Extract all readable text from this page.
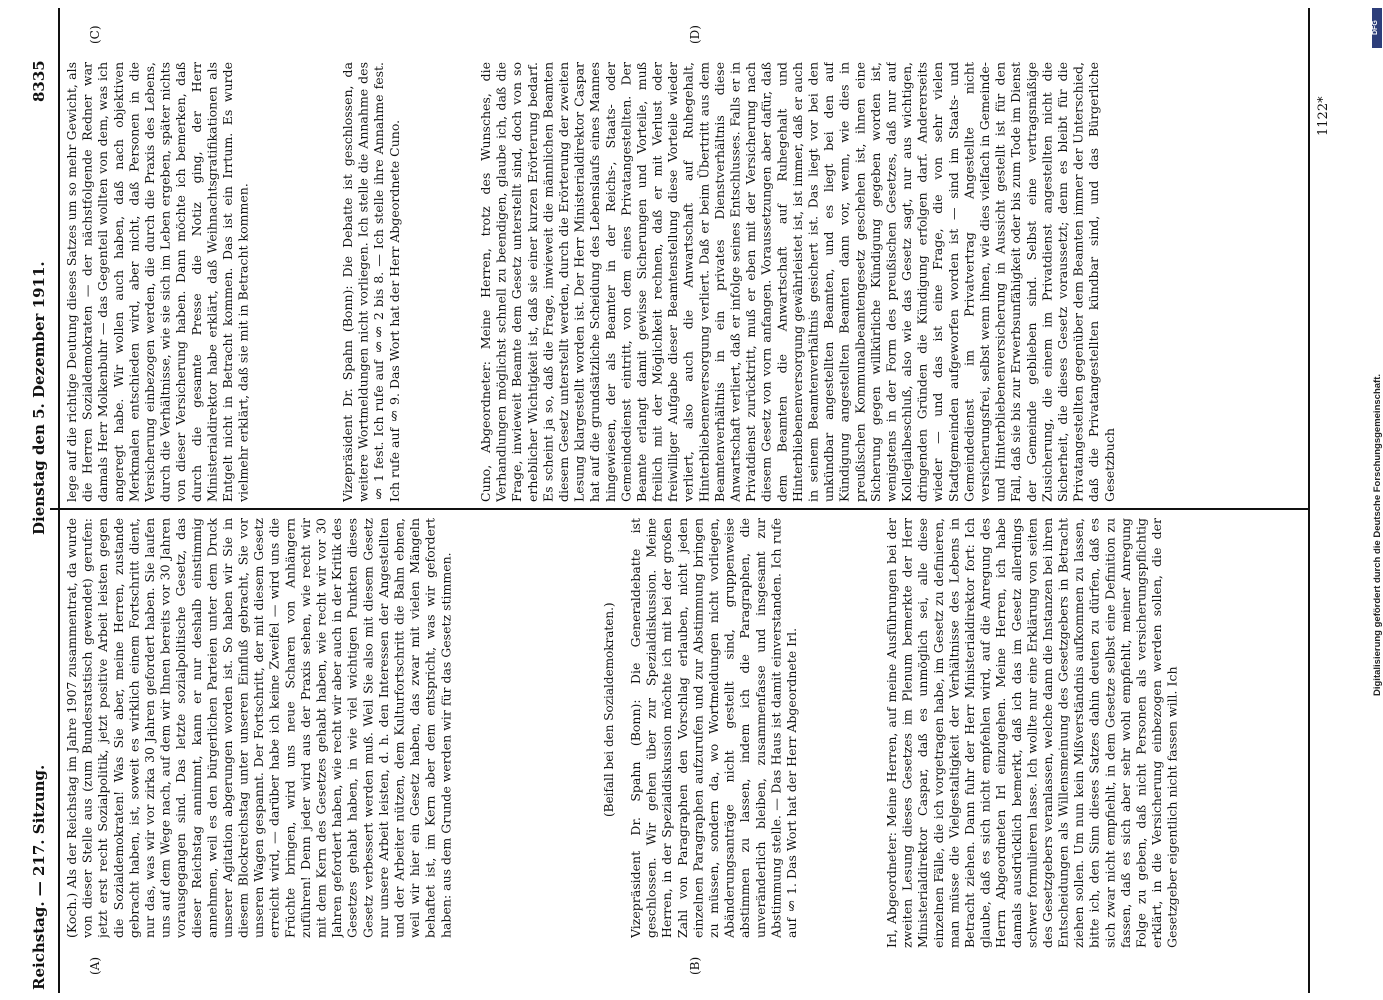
Reichstag. — 217. Sitzung.
Dienstag den 5. Dezember 1911.
8335
(A)	(B)
(C)	(D)
(Koch.) Als der Reichstag im Jahre 1907 zusammentrat, da wurde von dieser Stelle aus (zum Bundesratstisch gewendet) gerufen: jetzt erst recht Sozialpolitik, jetzt positive Arbeit leisten gegen die Sozialdemokraten! Was Sie aber, meine Herren, zustande gebracht haben, ist, soweit es wirklich einem Fortschritt dient, nur das, was wir vor zirka 30 Jahren gefordert haben. Sie laufen uns auf dem Wege nach, auf dem wir Ihnen bereits vor 30 Jahren vorausgegangen sind. Das letzte sozialpolitische Gesetz, das dieser Reichstag annimmt, kann er nur deshalb einstimmig annehmen, weil es den bürgerlichen Parteien unter dem Druck unserer Agitation abgerungen worden ist. So haben wir Sie in diesem Blockreichstag unter unseren Einfluß gebracht, Sie vor unseren Wagen gespannt. Der Fortschritt, der mit diesem Gesetz erreicht wird, — darüber habe ich keine Zweifel — wird uns die Früchte bringen, wird uns neue Scharen von Anhängern zuführen! Denn jeder wird aus der Praxis sehen, wie recht wir mit dem Kern des Gesetzes gehabt haben, wie recht wir vor 30 Jahren gefordert haben, wie recht wir aber auch in der Kritik des Gesetzes gehabt haben, in wie viel wichtigen Punkten dieses Gesetz verbessert werden muß. Weil Sie also mit diesem Gesetz nur unsere Arbeit leisten, d. h. den Interessen der Angestellten und der Arbeiter nützen, dem Kulturfortschritt die Bahn ebnen, weil wir hier ein Gesetz haben, das zwar mit vielen Mängeln behaftet ist, im Kern aber dem entspricht, was wir gefordert haben: aus dem Grunde werden wir für das Gesetz stimmen.	(Beifall bei den Sozialdemokraten.) Vizepräsident Dr. Spahn (Bonn): Die Generaldebatte ist geschlossen. Wir gehen über zur Spezialdiskussion. Meine Herren, in der Spezialdiskussion möchte ich mit bei der großen Zahl von Paragraphen den Vorschlag erlauben, nicht jeden einzelnen Paragraphen aufzurufen und zur Abstimmung bringen zu müssen, sondern da, wo Wortmeldungen nicht vorliegen, Abänderungsanträge nicht gestellt sind, gruppenweise abstimmen zu lassen, indem ich die Paragraphen, die unveränderlich bleiben, zusammenfasse und insgesamt zur Abstimmung stelle. — Das Haus ist damit einverstanden. Ich rufe auf § 1. Das Wort hat der Herr Abgeordnete Irl.	Irl, Abgeordneter: Meine Herren, auf meine Ausführungen bei der zweiten Lesung dieses Gesetzes im Plenum bemerkte der Herr Ministerialdirektor Caspar, daß es unmöglich sei, alle diese einzelnen Fälle, die ich vorgetragen habe, im Gesetz zu definieren, man müsse die Vielgestaltigkeit der Verhältnisse des Lebens in Betracht ziehen. Dann fuhr der Herr Ministerialdirektor fort: Ich glaube, daß es sich nicht empfehlen wird, auf die Anregung des Herrn Abgeordneten Irl einzugehen. Meine Herren, ich habe damals ausdrücklich bemerkt, daß ich das im Gesetz allerdings schwer formulieren lasse. Ich wollte nur eine Erklärung von seiten des Gesetzgebers veranlassen, welche dann die Instanzen bei ihren Entscheidungen als Willensmeinung des Gesetzgebers in Betracht ziehen sollen. Um nun kein Mißverständnis aufkommen zu lassen, bitte ich, den Sinn dieses Satzes dahin deuten zu dürfen, daß es sich zwar nicht empfiehlt, in dem Gesetze selbst eine Definition zu fassen, daß es sich aber sehr wohl empfiehlt, meiner Anregung Folge zu geben, daß nicht Personen als versicherungspflichtig erklärt, in die Versicherung einbezogen werden sollen, die der Gesetzgeber eigentlich nicht fassen will. Ich
lege auf die richtige Deutung dieses Satzes um so mehr Gewicht, als die Herren Sozialdemokraten — der nächstfolgende Redner war damals Herr Molkenbuhr — das Gegenteil wollten von dem, was ich angeregt habe. Wir wollen auch haben, daß nach objektiven Merkmalen entschieden wird, aber nicht, daß Personen in die Versicherung einbezogen werden, die durch die Praxis des Lebens, durch die Verhältnisse, wie sie sich im Leben ergeben, später nichts von dieser Versicherung haben. Dann möchte ich bemerken, daß durch die gesamte Presse die Notiz ging, der Herr Ministerialdirektor habe erklärt, daß Weihnachtsgratifikationen als Entgelt nicht in Betracht kommen. Das ist ein Irrtum. Es wurde vielmehr erklärt, daß sie mit in Betracht kommen.	Vizepräsident Dr. Spahn (Bonn): Die Debatte ist geschlossen, da weitere Wortmeldungen nicht vorliegen. Ich stelle die Annahme des § 1 fest. Ich rufe auf §§ 2 bis 8. — Ich stelle ihre Annahme fest. Ich rufe auf § 9. Das Wort hat der Herr Abgeordnete Cuno.	Cuno, Abgeordneter: Meine Herren, trotz des Wunsches, die Verhandlungen möglichst schnell zu beendigen, glaube ich, daß die Frage, inwieweit Beamte dem Gesetz unterstellt sind, doch von so erheblicher Wichtigkeit ist, daß sie einer kurzen Erörterung bedarf. Es scheint ja so, daß die Frage, inwieweit die männlichen Beamten diesem Gesetz unterstellt werden, durch die Erörterung der zweiten Lesung klargestellt worden ist. Der Herr Ministerialdirektor Caspar hat auf die grundsätzliche Scheidung des Lebenslaufs eines Mannes hingewiesen, der als Beamter in der Reichs-, Staats- oder Gemeindedienst eintritt, von dem eines Privatangestellten. Der Beamte erlangt damit gewisse Sicherungen und Vorteile, muß freilich mit der Möglichkeit rechnen, daß er mit Verlust oder freiwilliger Aufgabe dieser Beamtenstellung diese Vorteile wieder verliert, also auch die Anwartschaft auf Ruhegehalt, Hinterbliebenenversorgung verliert. Daß er beim Übertritt aus dem Beamtenverhältnis in ein privates Dienstverhältnis diese Anwartschaft verliert, daß er infolge seines Entschlusses. Falls er in Privatdienst zurücktritt, muß er eben mit der Versicherung nach diesem Gesetz von vorn anfangen. Voraussetzungen aber dafür, daß dem Beamten die Anwartschaft auf Ruhegehalt und Hinterbliebenenversorgung gewährleistet ist, ist immer, daß er auch in seinem Beamtenverhältnis gesichert ist. Das liegt vor bei den unkündbar angestellten Beamten, und es liegt bei den auf Kündigung angestellten Beamten dann vor, wenn, wie dies in preußischen Kommunalbeamtengesetz geschehen ist, ihnen eine Sicherung gegen willkürliche Kündigung gegeben worden ist, wenigstens in der Form des preußischen Gesetzes, daß nur auf Kollegialbeschluß, also wie das Gesetz sagt, nur aus wichtigen, dringenden Gründen die Kündigung erfolgen darf. Andererseits wieder — und das ist eine Frage, die von sehr vielen Stadtgemeinden aufgeworfen worden ist — sind im Staats- und Gemeindedienst im Privatvertrag Angestellte nicht versicherungsfrei, selbst wenn ihnen, wie dies vielfach in Gemeinde- und Hinterbliebenenversicherung in Aussicht gestellt ist für den Fall, daß sie bis zur Erwerbsunfähigkeit oder bis zum Tode im Dienst der Gemeinde geblieben sind. Selbst eine vertragsmäßige Zusicherung, die einem im Privatdienst angestellten nicht die Sicherheit, die dieses Gesetz voraussetzt; denn es bleibt für die Privatangestellten gegenüber dem Beamten immer der Unterschied, daß die Privatangestellten kündbar sind, und das Bürgerliche Gesetzbuch
1122*
Digitalisierung gefördert durch die Deutsche Forschungsgemeinschaft.
DFG
